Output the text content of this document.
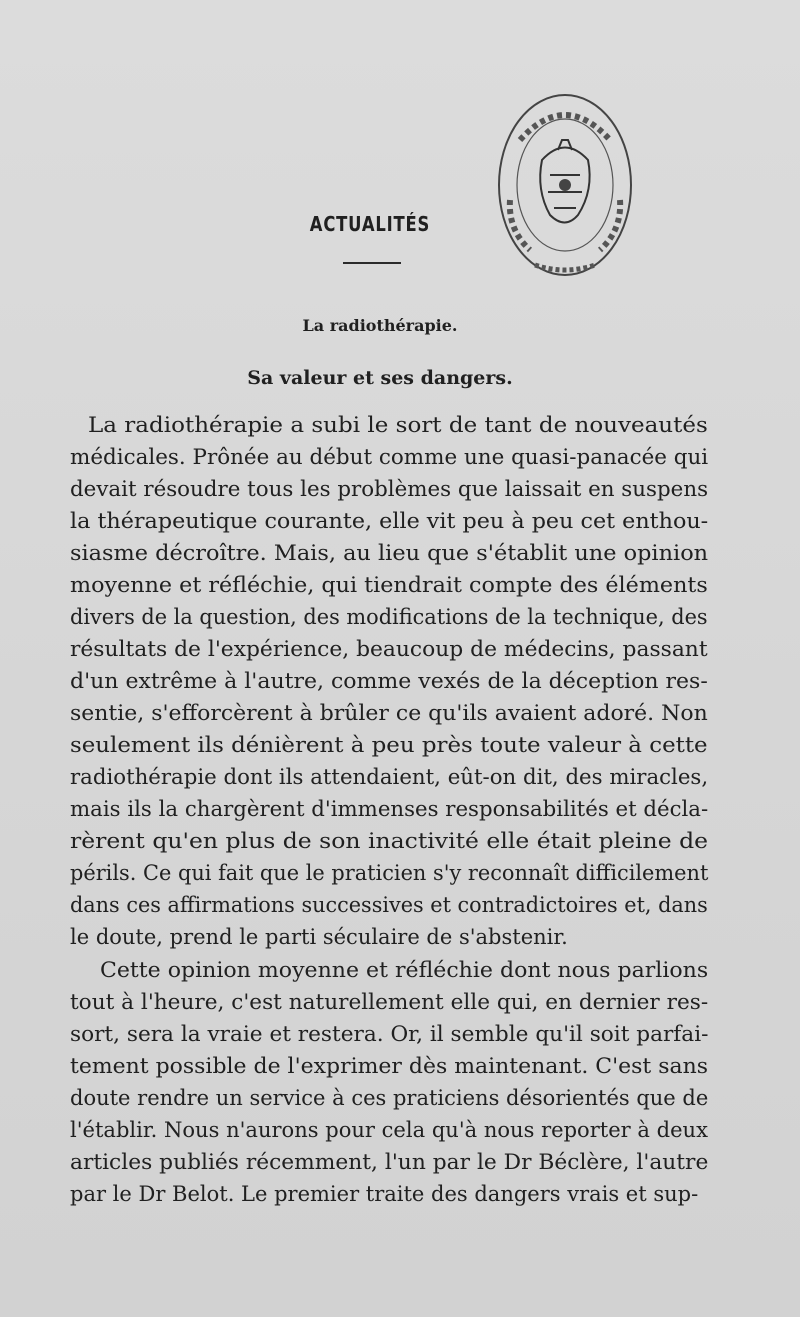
ACTUALITÉS
La radiothérapie.
Sa valeur et ses dangers.
La radiothérapie a subi le sort de tant de nouveautés
médicales. Prônée au début comme une quasi-panacée qui
devait résoudre tous les problèmes que laissait en suspens
la thérapeutique courante, elle vit peu à peu cet enthou-
siasme décroître. Mais, au lieu que s'établit une opinion
moyenne et réfléchie, qui tiendrait compte des éléments
divers de la question, des modifications de la technique, des
résultats de l'expérience, beaucoup de médecins, passant
d'un extrême à l'autre, comme vexés de la déception res-
sentie, s'efforcèrent à brûler ce qu'ils avaient adoré. Non
seulement ils dénièrent à peu près toute valeur à cette
radiothérapie dont ils attendaient, eût-on dit, des miracles,
mais ils la chargèrent d'immenses responsabilités et décla-
rèrent qu'en plus de son inactivité elle était pleine de
périls. Ce qui fait que le praticien s'y reconnaît difficilement
dans ces affirmations successives et contradictoires et, dans
le doute, prend le parti séculaire de s'abstenir.
Cette opinion moyenne et réfléchie dont nous parlions
tout à l'heure, c'est naturellement elle qui, en dernier res-
sort, sera la vraie et restera. Or, il semble qu'il soit parfai-
tement possible de l'exprimer dès maintenant. C'est sans
doute rendre un service à ces praticiens désorientés que de
l'établir. Nous n'aurons pour cela qu'à nous reporter à deux
articles publiés récemment, l'un par le Dr Béclère, l'autre
par le Dr Belot. Le premier traite des dangers vrais et sup-
